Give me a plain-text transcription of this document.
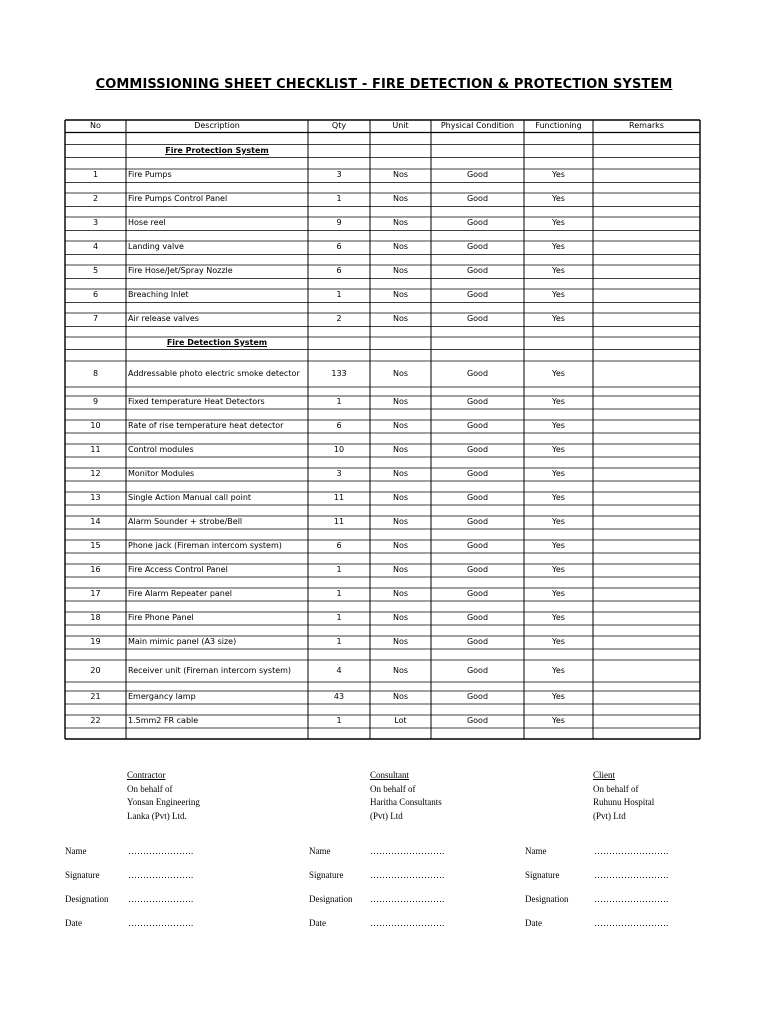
COMMISSIONING SHEET CHECKLIST - FIRE DETECTION & PROTECTION SYSTEM
No	Description	Qty	Unit	Physical Condition	Functioning	Remarks
Fire Protection System
1	Fire Pumps	3	Nos	Good	Yes
2	Fire Pumps Control Panel	1	Nos	Good	Yes
3	Hose reel	9	Nos	Good	Yes
4	Landing valve	6	Nos	Good	Yes
5	Fire Hose/Jet/Spray Nozzle	6	Nos	Good	Yes
6	Breaching Inlet	1	Nos	Good	Yes
7	Air release valves	2	Nos	Good	Yes
Fire Detection System
8	Addressable photo electric smoke detector	133	Nos	Good	Yes
9	Fixed temperature Heat Detectors	1	Nos	Good	Yes
10	Rate of rise temperature heat detector	6	Nos	Good	Yes
11	Control modules	10	Nos	Good	Yes
12	Monitor Modules	3	Nos	Good	Yes
13	Single Action Manual call point	11	Nos	Good	Yes
14	Alarm Sounder + strobe/Bell	11	Nos	Good	Yes
15	Phone jack (Fireman intercom system)	6	Nos	Good	Yes
16	Fire Access Control Panel	1	Nos	Good	Yes
17	Fire Alarm Repeater panel	1	Nos	Good	Yes
18	Fire Phone Panel	1	Nos	Good	Yes
19	Main mimic panel (A3 size)	1	Nos	Good	Yes
20	Receiver unit (Fireman intercom system)	4	Nos	Good	Yes
21	Emergancy lamp	43	Nos	Good	Yes
22	1.5mm2 FR cable	1	Lot	Good	Yes
Contractor
On behalf of
Yonsan Engineering
Lanka (Pvt) Ltd.
Consultant
On behalf of
Haritha Consultants
(Pvt) Ltd
Client
On behalf of
Ruhunu Hospital
(Pvt) Ltd
Name	………………….	Name	…………………….	Name	…………………….
Signature	………………….	Signature	…………………….	Signature	…………………….
Designation ………………….	Designation …………………….	Designation	…………………….
Date	………………….	Date	…………………….	Date	…………………….
